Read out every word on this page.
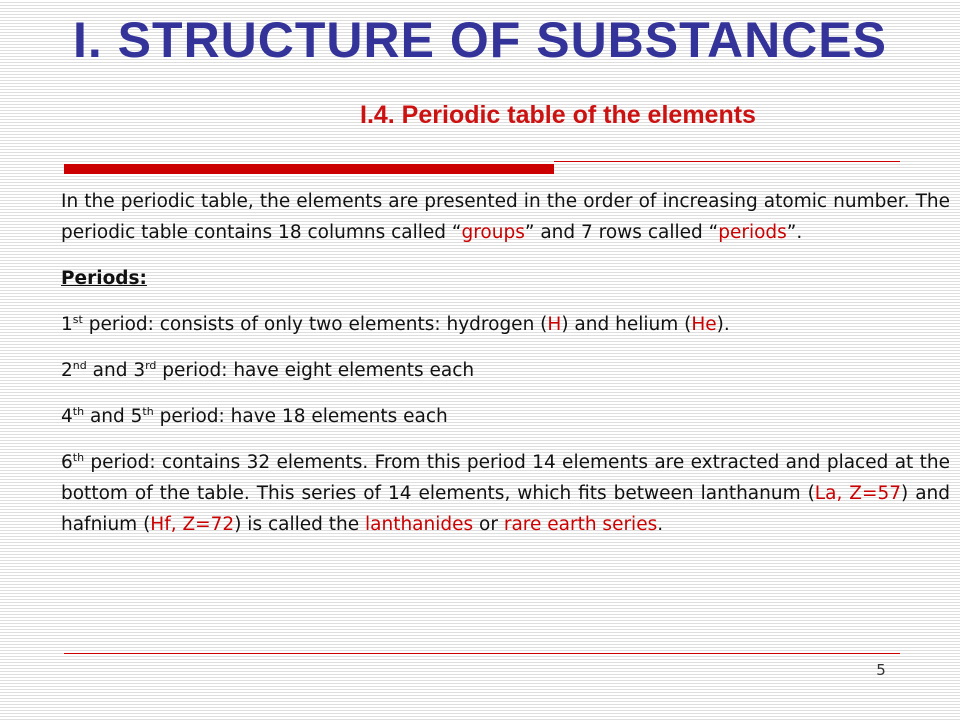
I. STRUCTURE OF SUBSTANCES
I.4. Periodic table of the elements

In the periodic table, the elements are presented in the order of increasing atomic number. The periodic table contains 18 columns called “groups” and 7 rows called “periods”.

Periods:

1st period: consists of only two elements: hydrogen (H) and helium (He).

2nd and 3rd period: have eight elements each

4th and 5th period: have 18 elements each

6th period: contains 32 elements. From this period 14 elements are extracted and placed at the bottom of the table. This series of 14 elements, which fits between lanthanum (La, Z=57) and hafnium (Hf, Z=72) is called the lanthanides or rare earth series.

5
